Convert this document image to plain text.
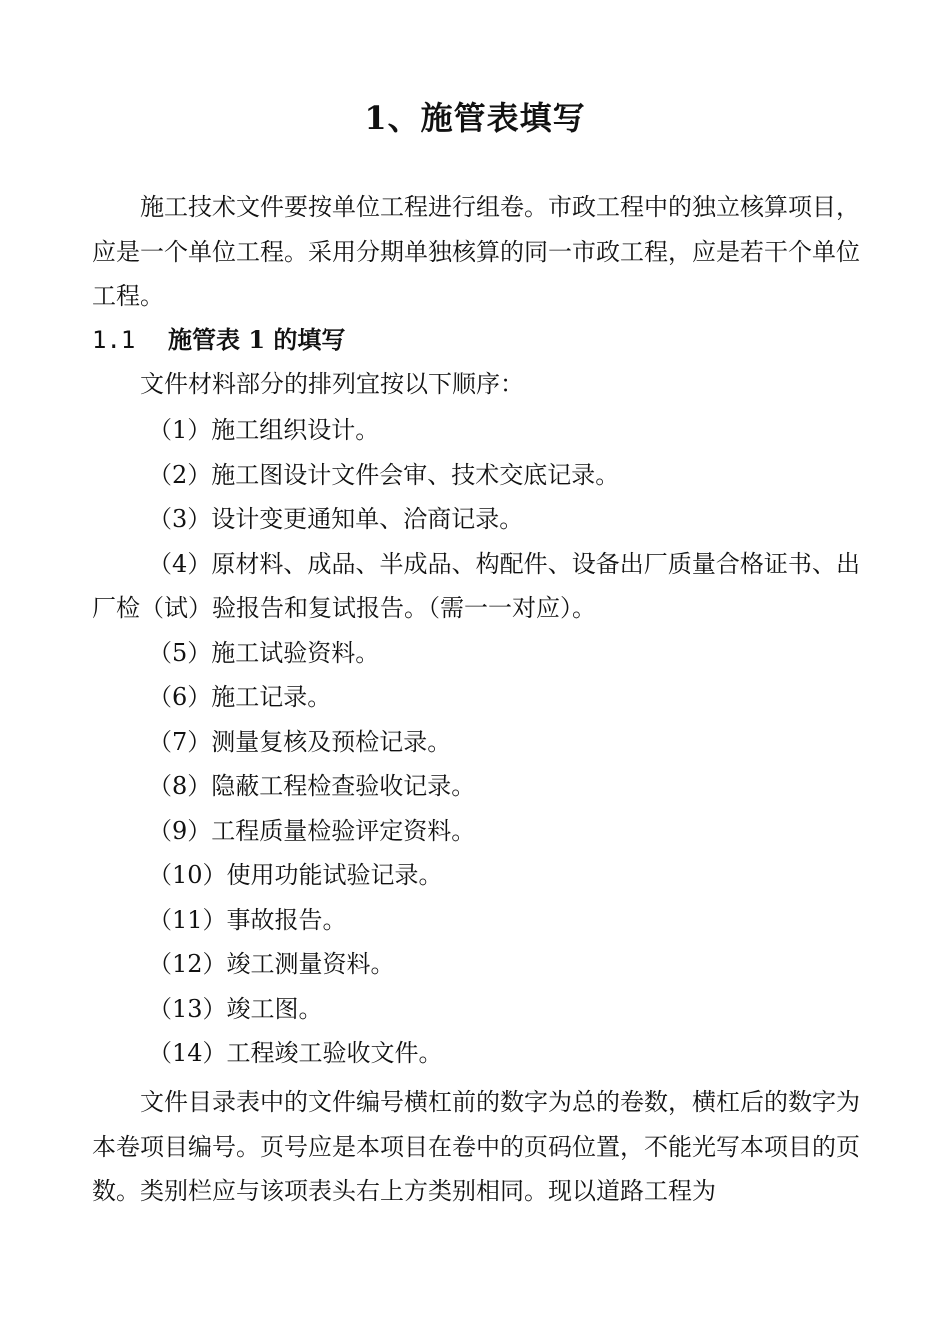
1、施管表填写
施工技术文件要按单位工程进行组卷。市政工程中的独立核算项目，应是一个单位工程。采用分期单独核算的同一市政工程，应是若干个单位工程。
1.1 施管表 1 的填写
文件材料部分的排列宜按以下顺序：
（1）施工组织设计。
（2）施工图设计文件会审、技术交底记录。
（3）设计变更通知单、洽商记录。
（4）原材料、成品、半成品、构配件、设备出厂质量合格证书、出厂检（试）验报告和复试报告。（需一一对应）。
（5）施工试验资料。
（6）施工记录。
（7）测量复核及预检记录。
（8）隐蔽工程检查验收记录。
（9）工程质量检验评定资料。
（10）使用功能试验记录。
（11）事故报告。
（12）竣工测量资料。
（13）竣工图。
（14）工程竣工验收文件。
文件目录表中的文件编号横杠前的数字为总的卷数，横杠后的数字为本卷项目编号。页号应是本项目在卷中的页码位置，不能光写本项目的页数。类别栏应与该项表头右上方类别相同。现以道路工程为
